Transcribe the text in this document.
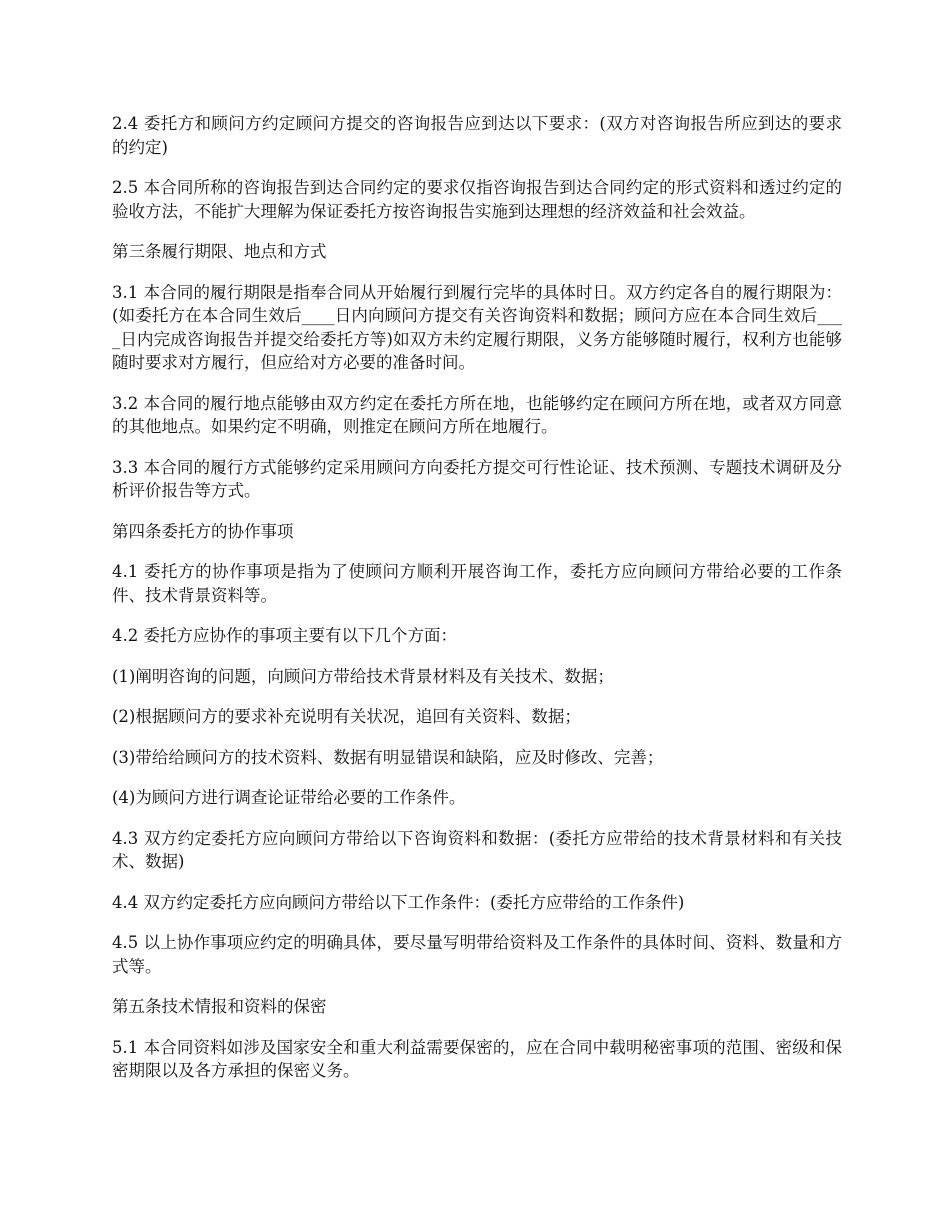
2.4 委托方和顾问方约定顾问方提交的咨询报告应到达以下要求：(双方对咨询报告所应到达的要求的约定)

2.5 本合同所称的咨询报告到达合同约定的要求仅指咨询报告到达合同约定的形式资料和透过约定的验收方法，不能扩大理解为保证委托方按咨询报告实施到达理想的经济效益和社会效益。

第三条履行期限、地点和方式

3.1 本合同的履行期限是指奉合同从开始履行到履行完毕的具体时日。双方约定各自的履行期限为：(如委托方在本合同生效后____日内向顾问方提交有关咨询资料和数据；顾问方应在本合同生效后____日内完成咨询报告并提交给委托方等)如双方未约定履行期限，义务方能够随时履行，权利方也能够随时要求对方履行，但应给对方必要的准备时间。

3.2 本合同的履行地点能够由双方约定在委托方所在地，也能够约定在顾问方所在地，或者双方同意的其他地点。如果约定不明确，则推定在顾问方所在地履行。

3.3 本合同的履行方式能够约定采用顾问方向委托方提交可行性论证、技术预测、专题技术调研及分析评价报告等方式。

第四条委托方的协作事项

4.1 委托方的协作事项是指为了使顾问方顺利开展咨询工作，委托方应向顾问方带给必要的工作条件、技术背景资料等。

4.2 委托方应协作的事项主要有以下几个方面：

(1)阐明咨询的问题，向顾问方带给技术背景材料及有关技术、数据；

(2)根据顾问方的要求补充说明有关状况，追回有关资料、数据；

(3)带给给顾问方的技术资料、数据有明显错误和缺陷，应及时修改、完善；

(4)为顾问方进行调查论证带给必要的工作条件。

4.3 双方约定委托方应向顾问方带给以下咨询资料和数据：(委托方应带给的技术背景材料和有关技术、数据)

4.4 双方约定委托方应向顾问方带给以下工作条件：(委托方应带给的工作条件)

4.5 以上协作事项应约定的明确具体，要尽量写明带给资料及工作条件的具体时间、资料、数量和方式等。

第五条技术情报和资料的保密

5.1 本合同资料如涉及国家安全和重大利益需要保密的，应在合同中载明秘密事项的范围、密级和保密期限以及各方承担的保密义务。
